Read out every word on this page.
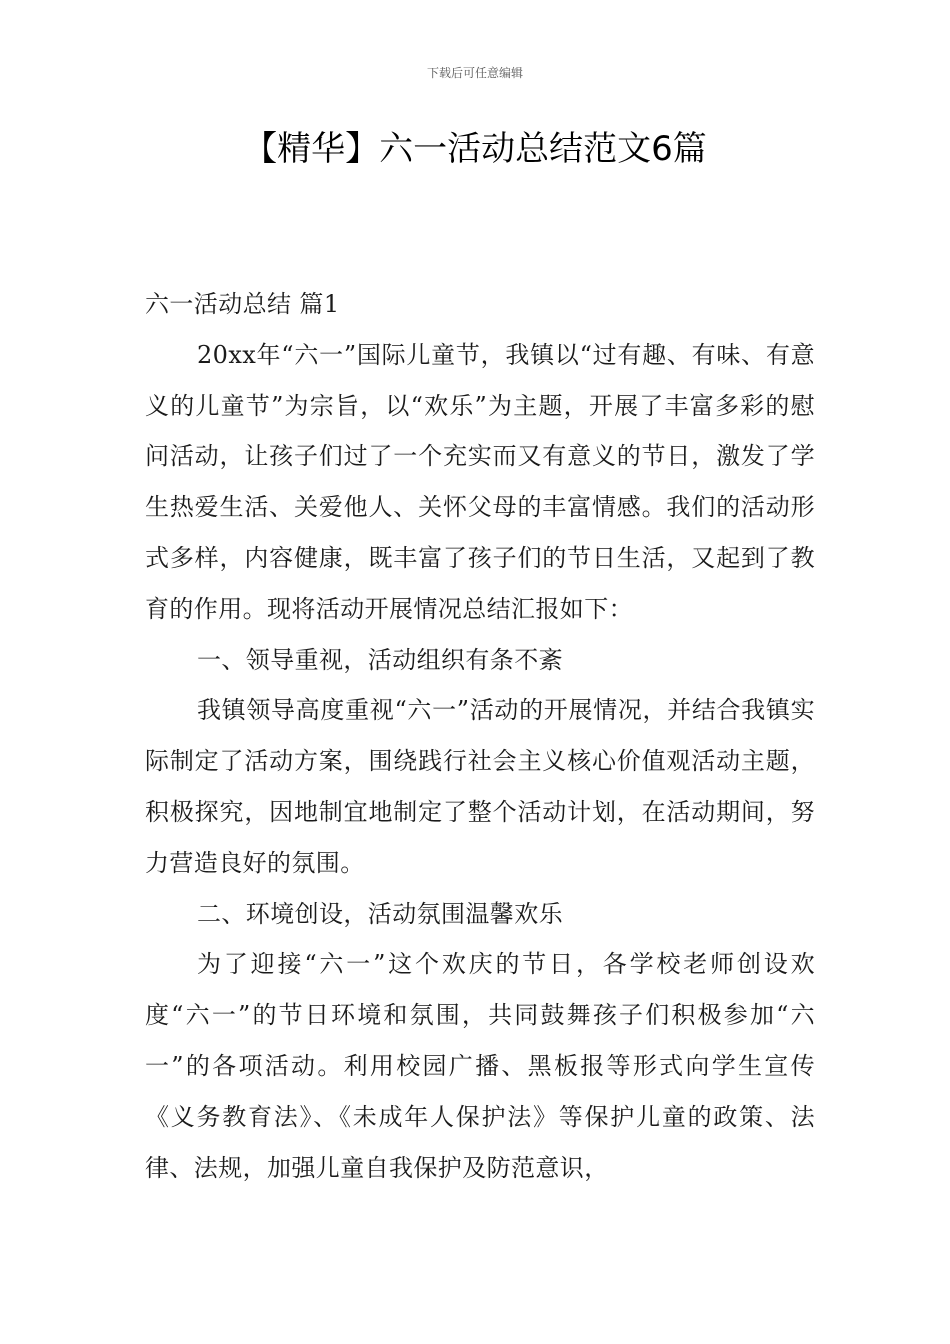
下载后可任意编辑
【精华】六一活动总结范文6篇

六一活动总结 篇1

20xx年“六一”国际儿童节，我镇以“过有趣、有味、有意义的儿童节”为宗旨，以“欢乐”为主题，开展了丰富多彩的慰问活动，让孩子们过了一个充实而又有意义的节日，激发了学生热爱生活、关爱他人、关怀父母的丰富情感。我们的活动形式多样，内容健康，既丰富了孩子们的节日生活，又起到了教育的作用。现将活动开展情况总结汇报如下：

一、领导重视，活动组织有条不紊

我镇领导高度重视“六一”活动的开展情况，并结合我镇实际制定了活动方案，围绕践行社会主义核心价值观活动主题，积极探究，因地制宜地制定了整个活动计划，在活动期间，努力营造良好的氛围。

二、环境创设，活动氛围温馨欢乐

为了迎接“六一”这个欢庆的节日，各学校老师创设欢度“六一”的节日环境和氛围，共同鼓舞孩子们积极参加“六一”的各项活动。利用校园广播、黑板报等形式向学生宣传《义务教育法》、《未成年人保护法》等保护儿童的政策、法律、法规，加强儿童自我保护及防范意识，
